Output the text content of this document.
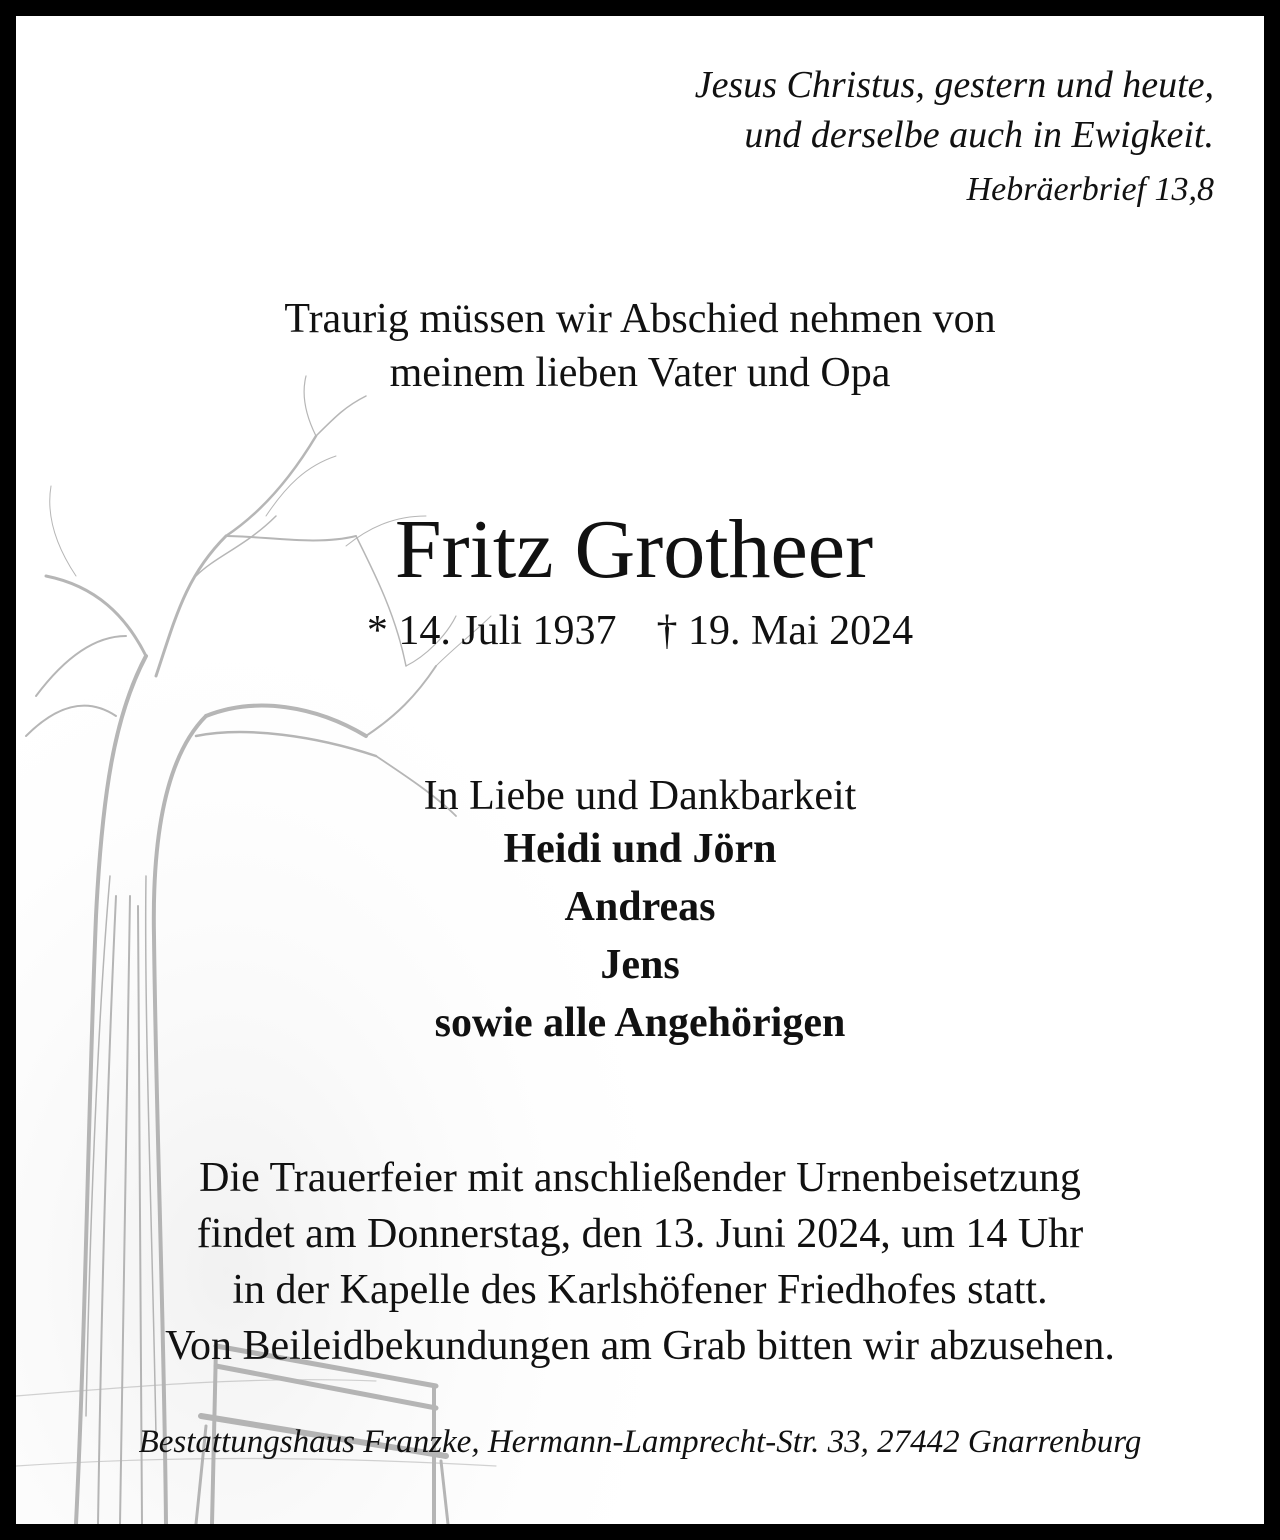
Jesus Christus, gestern und heute,
und derselbe auch in Ewigkeit.
Hebräerbrief 13,8
Traurig müssen wir Abschied nehmen von
meinem lieben Vater und Opa
Fritz Grotheer
* 14. Juli 1937 † 19. Mai 2024
In Liebe und Dankbarkeit
Heidi und Jörn
Andreas
Jens
sowie alle Angehörigen
Die Trauerfeier mit anschließender Urnenbeisetzung
findet am Donnerstag, den 13. Juni 2024, um 14 Uhr
in der Kapelle des Karlshöfener Friedhofes statt.
Von Beileidbekundungen am Grab bitten wir abzusehen.
Bestattungshaus Franzke, Hermann-Lamprecht-Str. 33, 27442 Gnarrenburg
